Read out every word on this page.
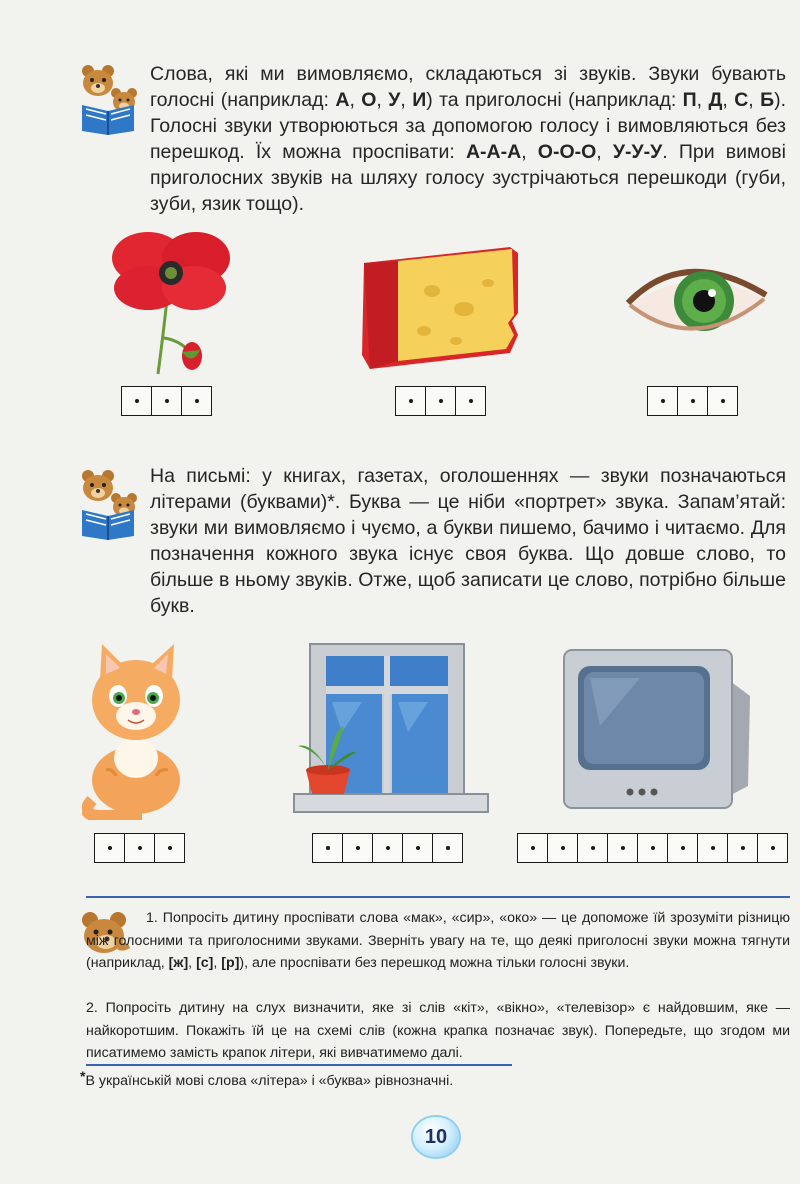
Слова, які ми вимовляємо, складаються зі звуків. Звуки бувають голосні (наприклад: А, О, У, И) та приголосні (наприклад: П, Д, С, Б). Голосні звуки утворюються за допомогою голосу і вимовляються без перешкод. Їх можна проспівати: А-А-А, О-О-О, У-У-У. При вимові приголосних звуків на шляху голосу зустрічаються перешкоди (губи, зуби, язик тощо).
На письмі: у книгах, газетах, оголошеннях — звуки позначаються літерами (буквами)*. Буква — це ніби «портрет» звука. Запам’ятай: звуки ми вимовляємо і чуємо, а букви пишемо, бачимо і читаємо. Для позначення кожного звука існує своя буква. Що довше слово, то більше в ньому звуків. Отже, щоб записати це слово, потрібно більше букв.
1. Попросіть дитину проспівати слова «мак», «сир», «око» — це допоможе їй зрозуміти різницю між голосними та приголосними звуками. Зверніть увагу на те, що деякі приголосні звуки можна тягнути (наприклад, [ж], [с], [р]), але проспівати без перешкод можна тільки голосні звуки.
2. Попросіть дитину на слух визначити, яке зі слів «кіт», «вікно», «телевізор» є найдовшим, яке — найкоротшим. Покажіть їй це на схемі слів (кожна крапка позначає звук). Попередьте, що згодом ми писатимемо замість крапок літери, які вивчатимемо далі.
*В українській мові слова «літера» і «буква» рівнозначні.
10
